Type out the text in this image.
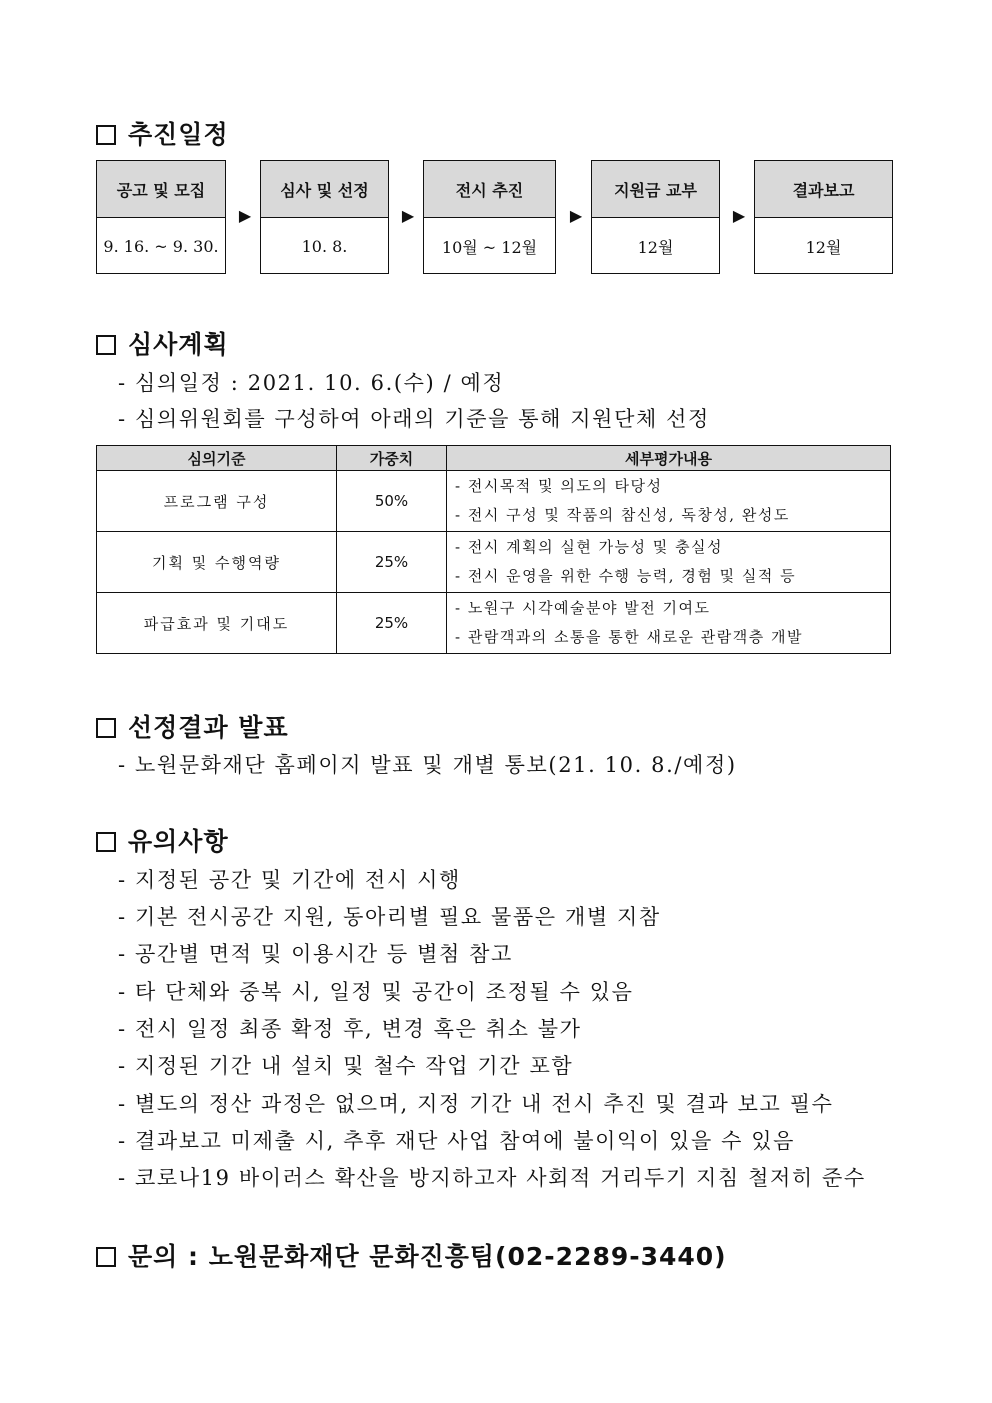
추진일정
공고 및 모집
9. 16. ~ 9. 30.
▶
심사 및 선정
10. 8.
▶
전시 추진
10월 ~ 12월
▶
지원금 교부
12월
▶
결과보고
12월
심사계획
- 심의일정 : 2021. 10. 6.(수) / 예정
- 심의위원회를 구성하여 아래의 기준을 통해 지원단체 선정
심의기준	가중치	세부평가내용
프로그램 구성	50%	- 전시목적 및 의도의 타당성
- 전시 구성 및 작품의 참신성, 독창성, 완성도

기획 및 수행역량	25%	- 전시 계획의 실현 가능성 및 충실성
- 전시 운영을 위한 수행 능력, 경험 및 실적 등

파급효과 및 기대도	25%	- 노원구 시각예술분야 발전 기여도
- 관람객과의 소통을 통한 새로운 관람객층 개발
선정결과 발표
- 노원문화재단 홈페이지 발표 및 개별 통보(21. 10. 8./예정)
유의사항
- 지정된 공간 및 기간에 전시 시행
- 기본 전시공간 지원, 동아리별 필요 물품은 개별 지참
- 공간별 면적 및 이용시간 등 별첨 참고
- 타 단체와 중복 시, 일정 및 공간이 조정될 수 있음
- 전시 일정 최종 확정 후, 변경 혹은 취소 불가
- 지정된 기간 내 설치 및 철수 작업 기간 포함
- 별도의 정산 과정은 없으며, 지정 기간 내 전시 추진 및 결과 보고 필수
- 결과보고 미제출 시, 추후 재단 사업 참여에 불이익이 있을 수 있음
- 코로나19 바이러스 확산을 방지하고자 사회적 거리두기 지침 철저히 준수
문의 : 노원문화재단 문화진흥팀(02-2289-3440)
